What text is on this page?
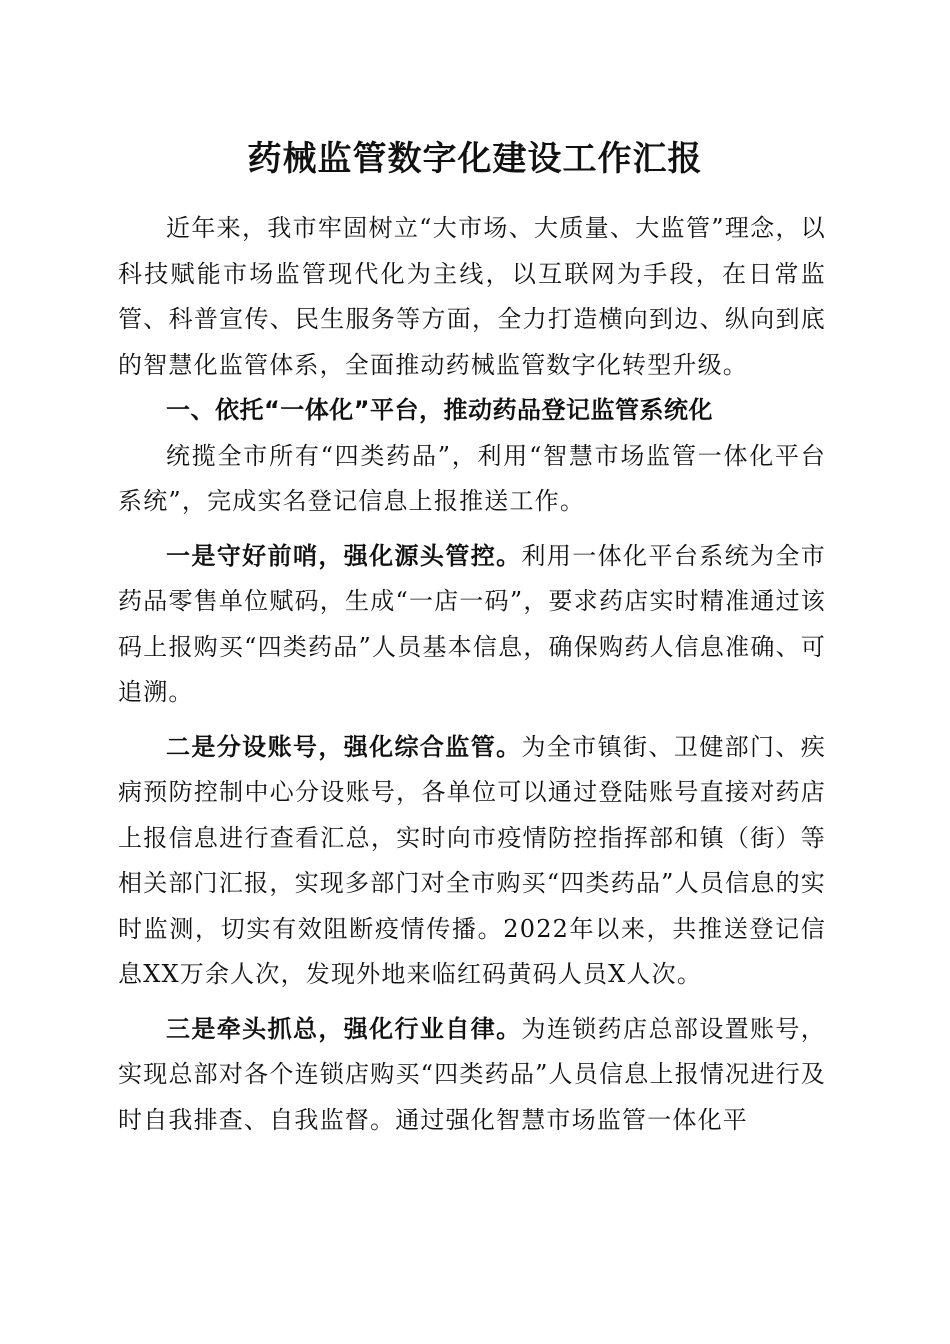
药械监管数字化建设工作汇报

近年来，我市牢固树立“大市场、大质量、大监管”理念，以科技赋能市场监管现代化为主线，以互联网为手段，在日常监管、科普宣传、民生服务等方面，全力打造横向到边、纵向到底的智慧化监管体系，全面推动药械监管数字化转型升级。

一、依托“一体化”平台，推动药品登记监管系统化

统揽全市所有“四类药品”，利用“智慧市场监管一体化平台系统”，完成实名登记信息上报推送工作。

一是守好前哨，强化源头管控。利用一体化平台系统为全市药品零售单位赋码，生成“一店一码”，要求药店实时精准通过该码上报购买“四类药品”人员基本信息，确保购药人信息准确、可追溯。

二是分设账号，强化综合监管。为全市镇街、卫健部门、疾病预防控制中心分设账号，各单位可以通过登陆账号直接对药店上报信息进行查看汇总，实时向市疫情防控指挥部和镇（街）等相关部门汇报，实现多部门对全市购买“四类药品”人员信息的实时监测，切实有效阻断疫情传播。2022年以来，共推送登记信息XX万余人次，发现外地来临红码黄码人员X人次。

三是牵头抓总，强化行业自律。为连锁药店总部设置账号，实现总部对各个连锁店购买“四类药品”人员信息上报情况进行及时自我排查、自我监督。通过强化智慧市场监管一体化平
